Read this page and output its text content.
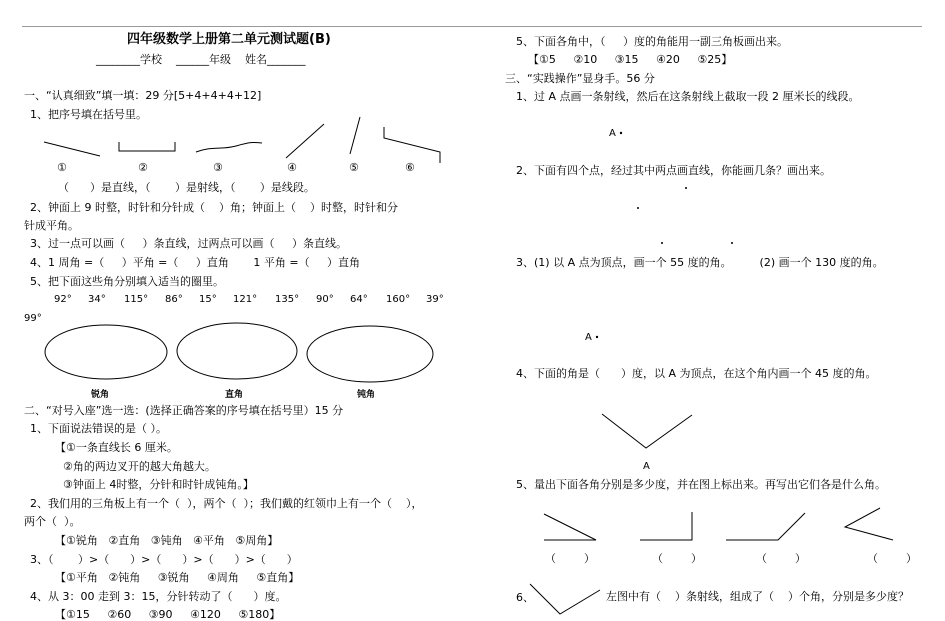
四年级数学上册第二单元测试题(B)
________学校    ______年级    姓名_______
一、“认真细致”填一填：29 分[5+4+4+4+12]
1、把序号填在括号里。
①	②	③	④	⑤	⑥
（      ）是直线，（       ）是射线，（       ）是线段。
2、钟面上 9 时整，时针和分针成（    ）角；钟面上（    ）时整，时针和分
针成平角。
3、过一点可以画（     ）条直线，过两点可以画（     ）条直线。
4、1 周角 =（     ）平角 =（     ）直角       1 平角 =（     ）直角
5、把下面这些角分别填入适当的圈里。
92° 34° 115° 86° 15° 121° 135° 90° 64° 160° 39°
99°
锐角	直角	钝角
二、“对号入座”选一选：(选择正确答案的序号填在括号里）15 分
1、下面说法错误的是（ ）。
【①一条直线长 6 厘米。
②角的两边叉开的越大角越大。
③钟面上 4时整，分针和时针成钝角。】
2、我们用的三角板上有一个（  ），两个（  ）；我们戴的红领巾上有一个（    ），
两个（  ）。
【①锐角   ②直角   ③钝角   ④平角   ⑤周角】
3、（       ）>（      ）>（      ）>（      ）>（      ）
【①平角   ②钝角     ③锐角     ④周角     ⑤直角】
4、从 3：00 走到 3：15，分针转动了（      ）度。
【①15     ②60     ③90     ④120     ⑤180】
5、下面各角中，（     ）度的角能用一副三角板画出来。
【①5     ②10     ③15     ④20     ⑤25】
三、“实践操作”显身手。56 分
1、过 A 点画一条射线，然后在这条射线上截取一段 2 厘米长的线段。
A
2、下面有四个点，经过其中两点画直线，你能画几条？画出来。
3、(1) 以 A 点为顶点，画一个 55 度的角。        (2) 画一个 130 度的角。
A
4、下面的角是（      ）度，以 A 为顶点，在这个角内画一个 45 度的角。
A
5、量出下面各角分别是多少度，并在图上标出来。再写出它们各是什么角。
（        ）	（        ）	（        ）	（        ）
6、	左图中有（    ）条射线，组成了（    ）个角，分别是多少度？
